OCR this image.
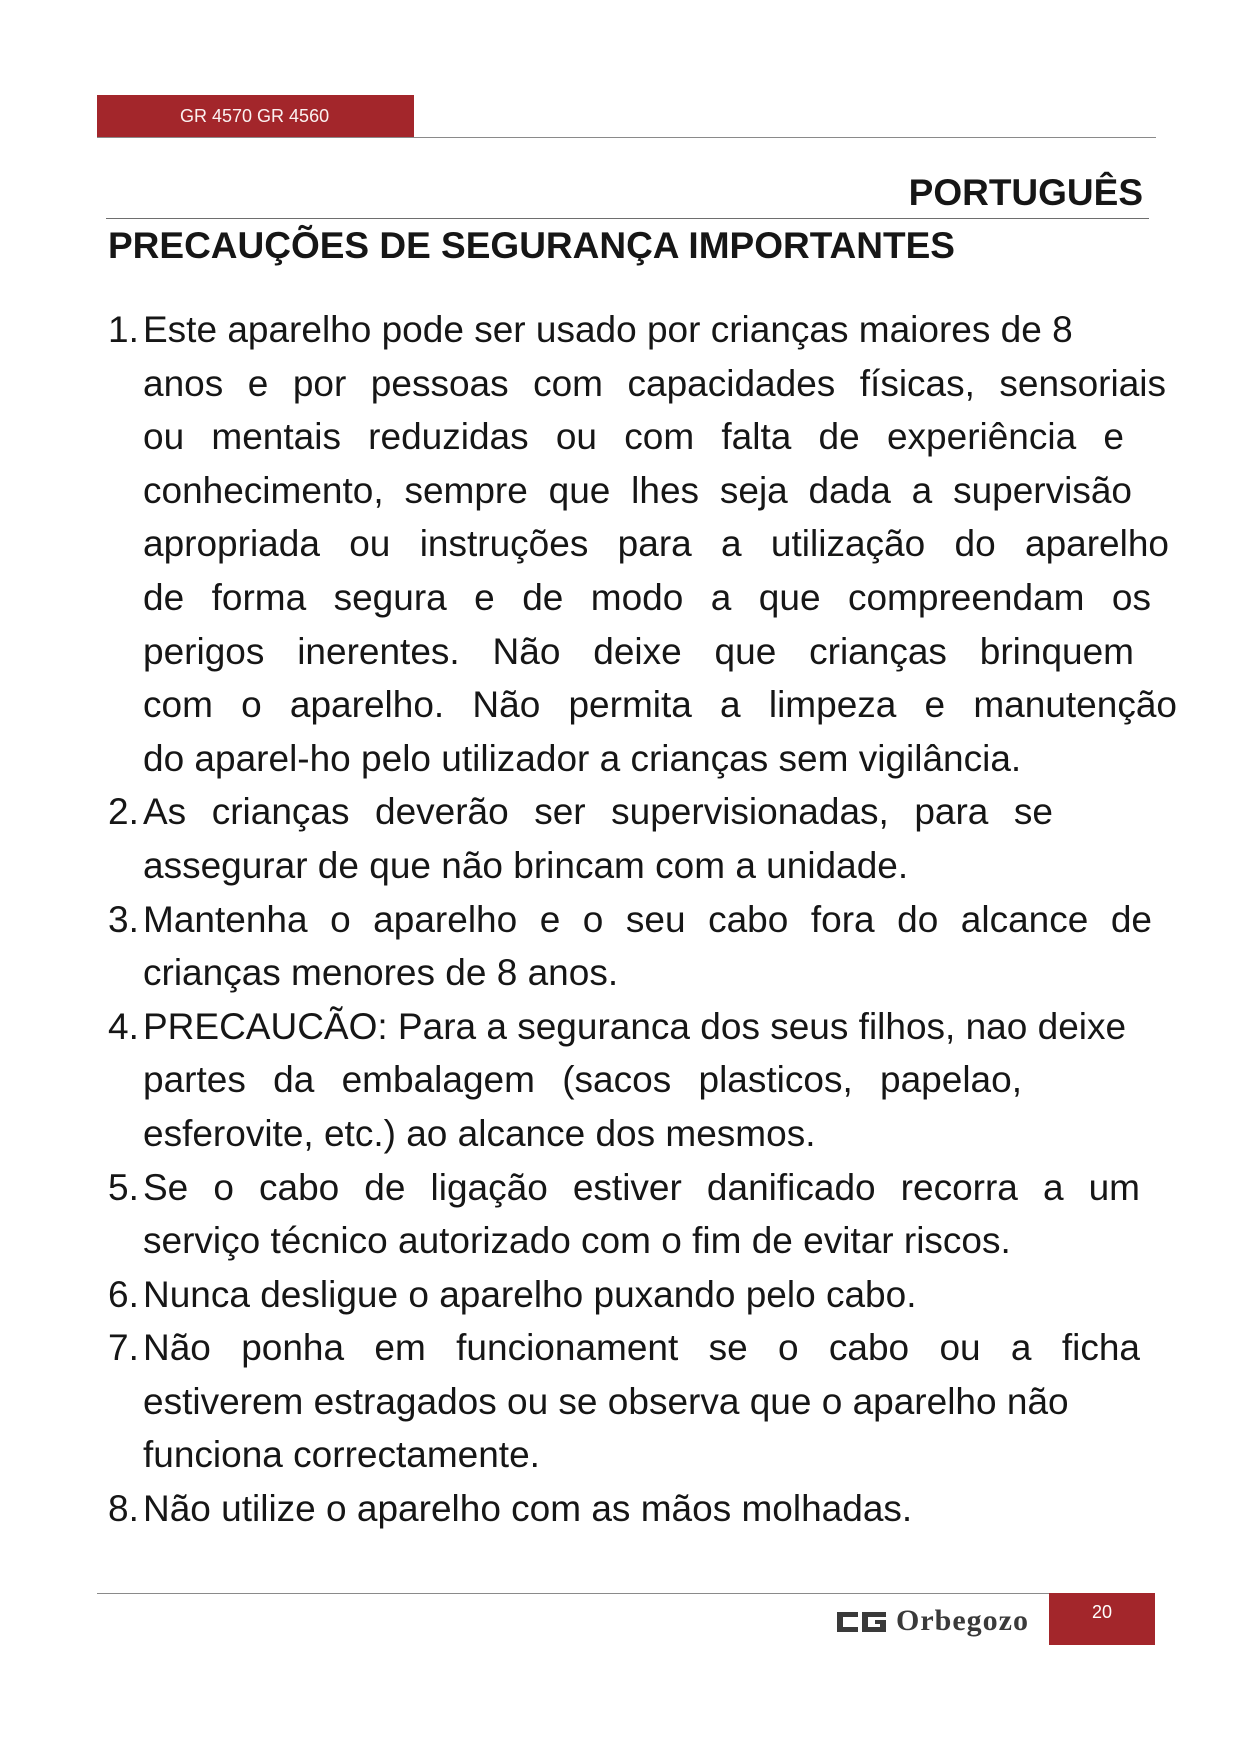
GR 4570 GR 4560
PORTUGUÊS
PRECAUÇÕES DE SEGURANÇA IMPORTANTES
1. Este aparelho pode ser usado por crianças maiores de 8
anos e por pessoas com capacidades físicas, sensoriais
ou mentais reduzidas ou com falta de experiência e
conhecimento, sempre que lhes seja dada a supervisão
apropriada ou instruções para a utilização do aparelho
de forma segura e de modo a que compreendam os
perigos inerentes. Não deixe que crianças brinquem
com o aparelho. Não permita a limpeza e manutenção
do aparel-ho pelo utilizador a crianças sem vigilância.
2. As crianças deverão ser supervisionadas, para se
assegurar de que não brincam com a unidade.
3. Mantenha o aparelho e o seu cabo fora do alcance de
crianças menores de 8 anos.
4. PRECAUCÃO: Para a seguranca dos seus filhos, nao deixe
partes da embalagem (sacos plasticos, papelao,
esferovite, etc.) ao alcance dos mesmos.
5. Se o cabo de ligação estiver danificado recorra a um
serviço técnico autorizado com o fim de evitar riscos.
6. Nunca desligue o aparelho puxando pelo cabo.
7. Não ponha em funcionament se o cabo ou a ficha
estiverem estragados ou se observa que o aparelho não
funciona correctamente.
8. Não utilize o aparelho com as mãos molhadas.
Orbegozo	20
